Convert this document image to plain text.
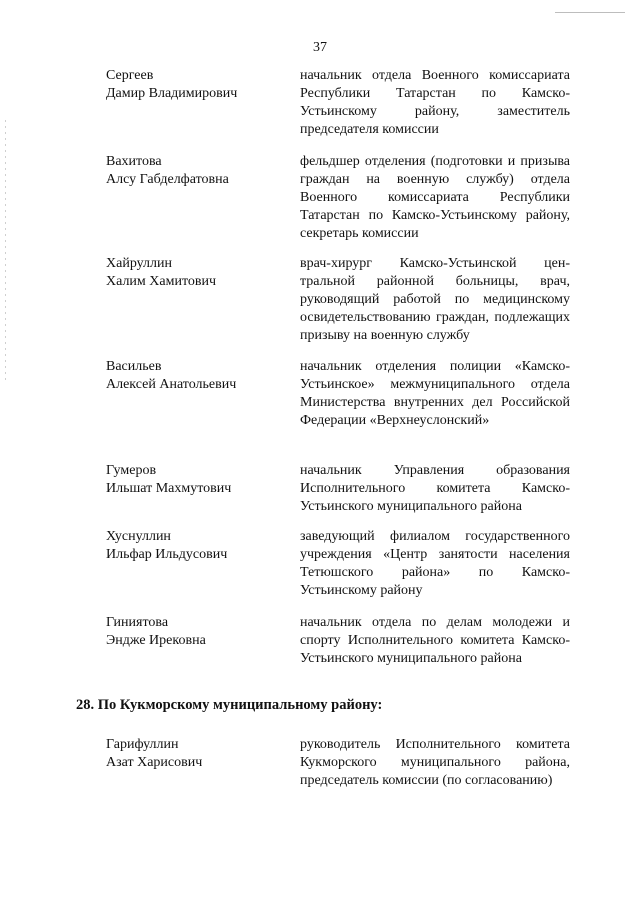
37
Сергеев
Дамир Владимирович
начальник отдела Военного комиссариата Республики Татарстан по Камско-Устьинскому району, заместитель председателя комиссии
Вахитова
Алсу Габделфатовна
фельдшер отделения (подготовки и призыва граждан на военную службу) отдела Военного комиссариата Республики Татарстан по Камско-Устьинскому району, секретарь комиссии
Хайруллин
Халим Хамитович
врач-хирург Камско-Устьинской центральной районной больницы, врач, руководящий работой по медицинскому освидетельствованию граждан, подлежащих призыву на военную службу
Васильев
Алексей Анатольевич
начальник отделения полиции «Камско-Устьинское» межмуниципального отдела Министерства внутренних дел Российской Федерации «Верхнеуслонский»
Гумеров
Ильшат Махмутович
начальник Управления образования Исполнительного комитета Камско-Устьинского муниципального района
Хуснуллин
Ильфар Ильдусович
заведующий филиалом государственного учреждения «Центр занятости населения Тетюшского района» по Камско-Устьинскому району
Гиниятова
Эндже Ирековна
начальник отдела по делам молодежи и спорту Исполнительного комитета Камско-Устьинского муниципального района
28. По Кукморскому муниципальному району:
Гарифуллин
Азат Харисович
руководитель Исполнительного комитета Кукморского муниципального района, председатель комиссии (по согласованию)
